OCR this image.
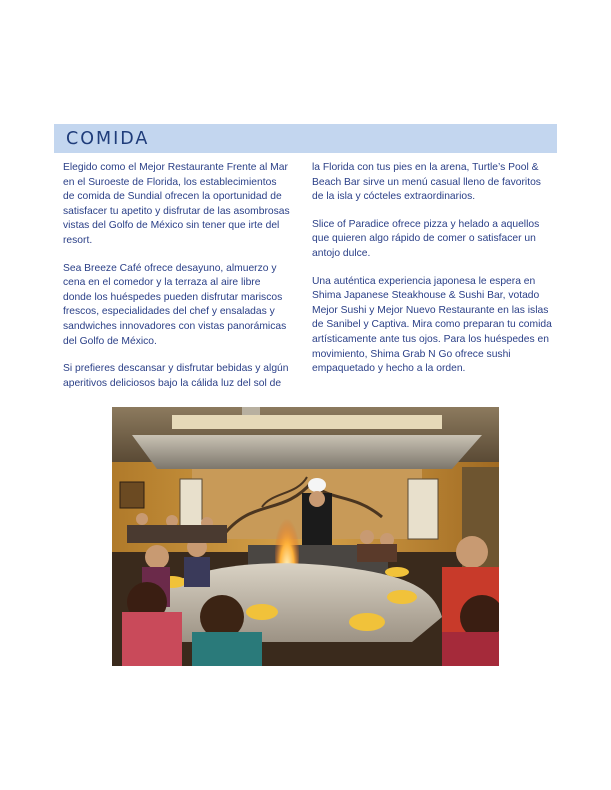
COMIDA

Elegido como el Mejor Restaurante Frente al Mar en el Suroeste de Florida, los establecimientos de comida de Sundial ofrecen la oportunidad de satisfacer tu apetito y disfrutar de las asombrosas vistas del Golfo de México sin tener que irte del resort.

Sea Breeze Café ofrece desayuno, almuerzo y cena en el comedor y la terraza al aire libre donde los huéspedes pueden disfrutar mariscos frescos, especialidades del chef y ensaladas y sandwiches innovadores con vistas panorámicas del Golfo de México.

Si prefieres descansar y disfrutar bebidas y algún aperitivos deliciosos bajo la cálida luz del sol de

la Florida con tus pies en la arena, Turtle’s Pool & Beach Bar sirve un menú casual lleno de favoritos de la isla y cócteles extraordinarios.

Slice of Paradice ofrece pizza y helado a aquellos que quieren algo rápido de comer o satisfacer un antojo dulce.

Una auténtica experiencia japonesa le espera en Shima Japanese Steakhouse & Sushi Bar, votado Mejor Sushi y Mejor Nuevo Restaurante en las islas de Sanibel y Captiva. Mira como preparan tu comida artísticamente ante tus ojos. Para los huéspedes en movimiento, Shima Grab N Go ofrece sushi empaquetado y hecho a la orden.
